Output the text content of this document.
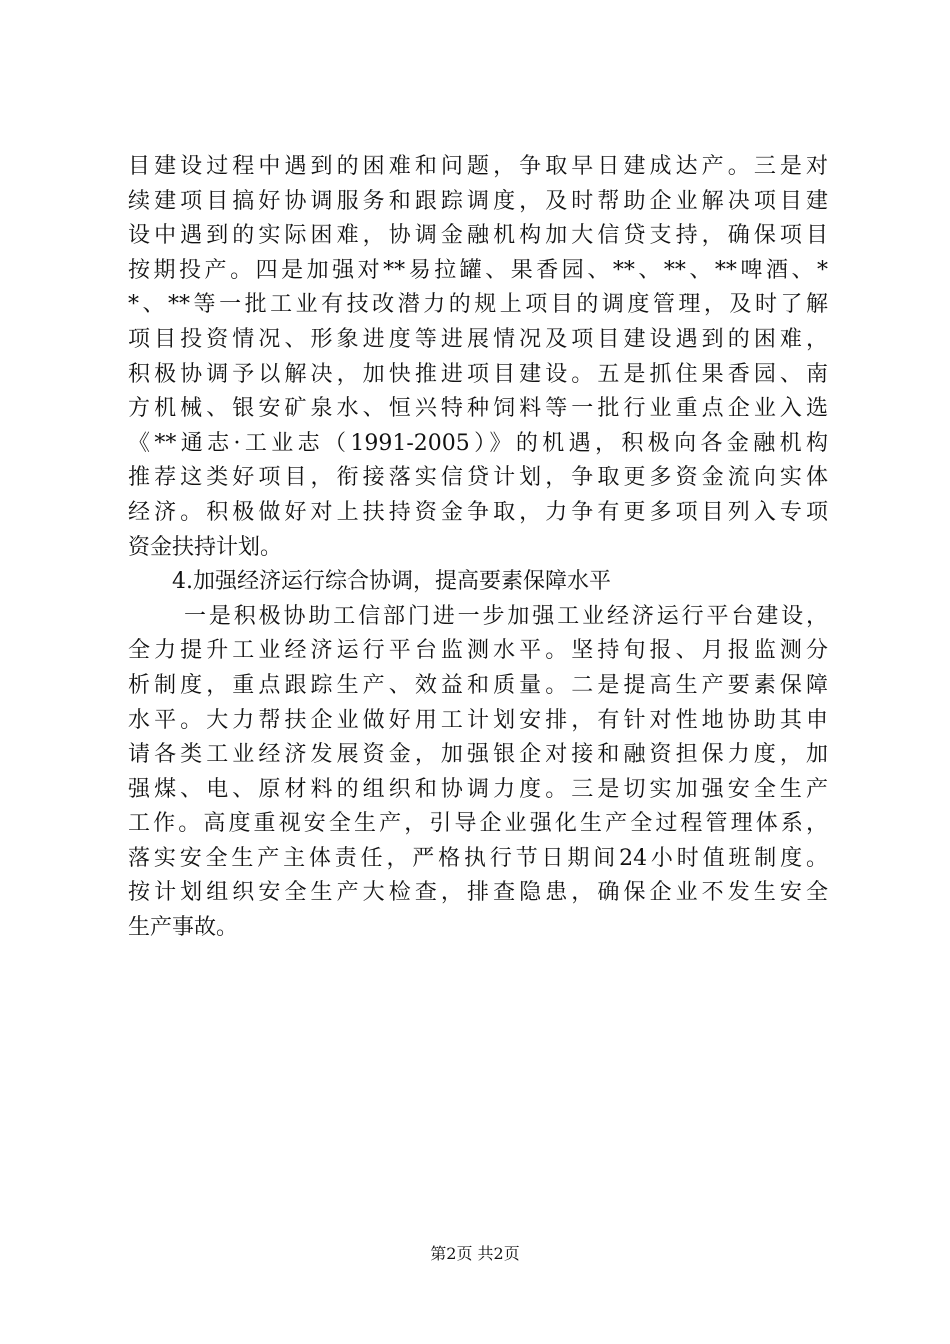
目建设过程中遇到的困难和问题，争取早日建成达产。三是对
续建项目搞好协调服务和跟踪调度，及时帮助企业解决项目建
设中遇到的实际困难，协调金融机构加大信贷支持，确保项目
按期投产。四是加强对**易拉罐、果香园、**、**、**啤酒、*
*、**等一批工业有技改潜力的规上项目的调度管理，及时了解
项目投资情况、形象进度等进展情况及项目建设遇到的困难，
积极协调予以解决，加快推进项目建设。五是抓住果香园、南
方机械、银安矿泉水、恒兴特种饲料等一批行业重点企业入选
《**通志·工业志（1991-2005）》的机遇，积极向各金融机构
推荐这类好项目，衔接落实信贷计划，争取更多资金流向实体
经济。积极做好对上扶持资金争取，力争有更多项目列入专项
资金扶持计划。
4.加强经济运行综合协调，提高要素保障水平
一是积极协助工信部门进一步加强工业经济运行平台建设，
全力提升工业经济运行平台监测水平。坚持旬报、月报监测分
析制度，重点跟踪生产、效益和质量。二是提高生产要素保障
水平。大力帮扶企业做好用工计划安排，有针对性地协助其申
请各类工业经济发展资金，加强银企对接和融资担保力度，加
强煤、电、原材料的组织和协调力度。三是切实加强安全生产
工作。高度重视安全生产，引导企业强化生产全过程管理体系，
落实安全生产主体责任，严格执行节日期间24小时值班制度。
按计划组织安全生产大检查，排查隐患，确保企业不发生安全
生产事故。
第2页 共2页
